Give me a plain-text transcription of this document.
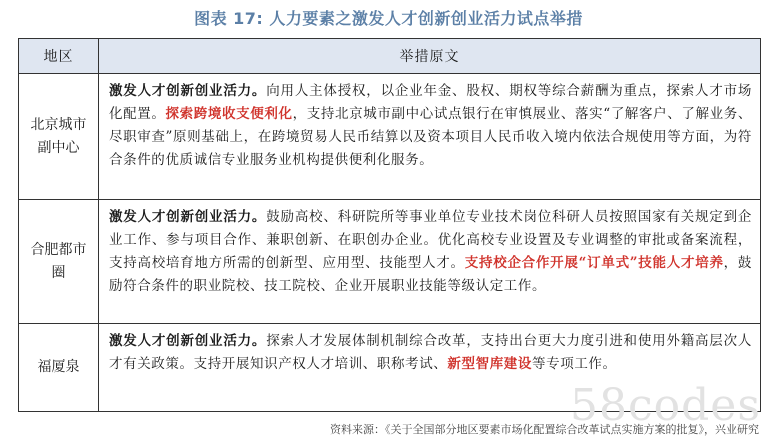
图表 17: 人力要素之激发人才创新创业活力试点举措
地区	举措原文
北京城市副中心	激发人才创新创业活力。向用人主体授权，以企业年金、股权、期权等综合薪酬为重点，探索人才市场化配置。探索跨境收支便利化，支持北京城市副中心试点银行在审慎展业、落实“了解客户、了解业务、尽职审查”原则基础上，在跨境贸易人民币结算以及资本项目人民币收入境内依法合规使用等方面，为符合条件的优质诚信专业服务业机构提供便利化服务。
合肥都市圈	激发人才创新创业活力。鼓励高校、科研院所等事业单位专业技术岗位科研人员按照国家有关规定到企业工作、参与项目合作、兼职创新、在职创办企业。优化高校专业设置及专业调整的审批或备案流程，支持高校培育地方所需的创新型、应用型、技能型人才。支持校企合作开展“订单式”技能人才培养，鼓励符合条件的职业院校、技工院校、企业开展职业技能等级认定工作。
福厦泉	激发人才创新创业活力。探索人才发展体制机制综合改革，支持出台更大力度引进和使用外籍高层次人才有关政策。支持开展知识产权人才培训、职称考试、新型智库建设等专项工作。
58codes
资料来源：《关于全国部分地区要素市场化配置综合改革试点实施方案的批复》，兴业研究
